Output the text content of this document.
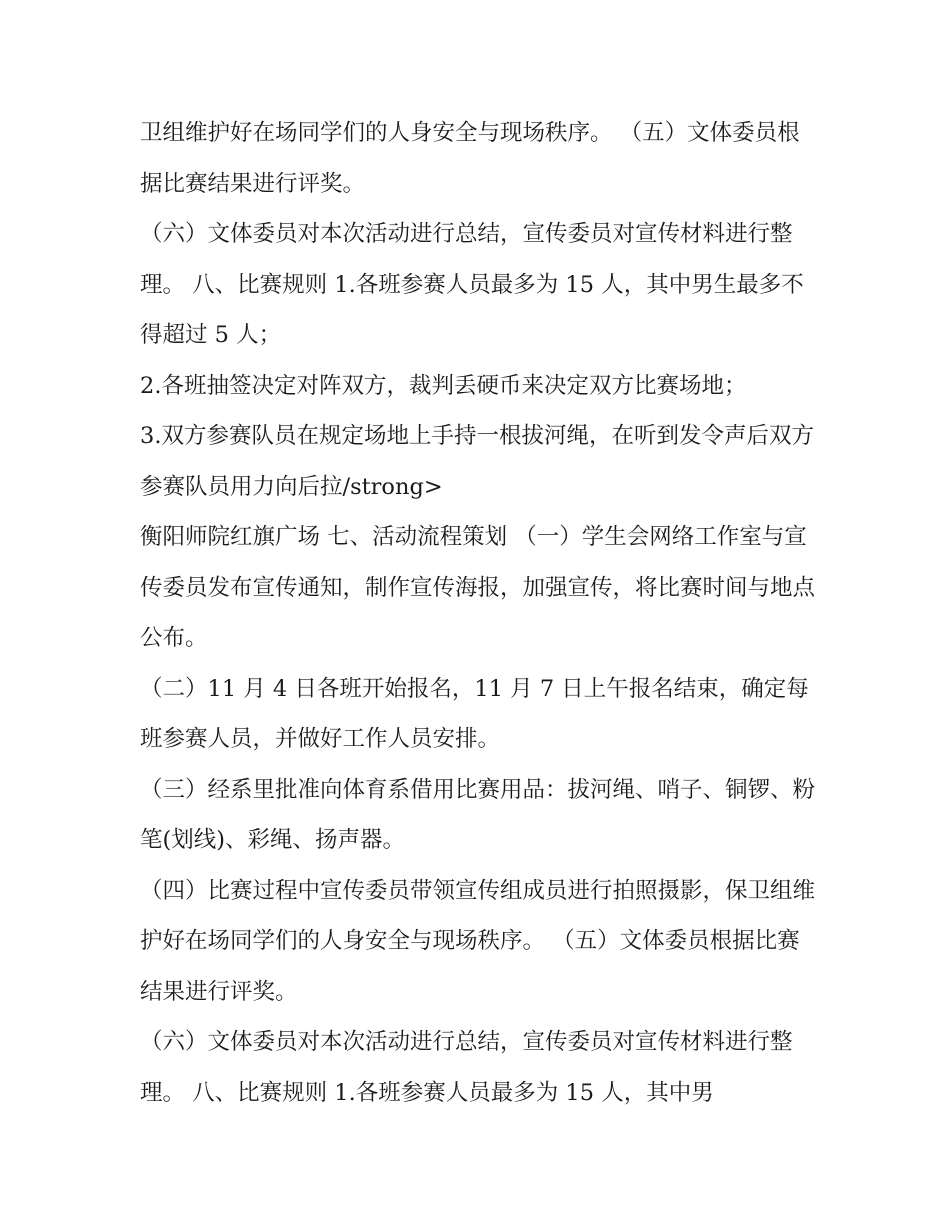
卫组维护好在场同学们的人身安全与现场秩序。 （五）文体委员根据比赛结果进行评奖。

（六）文体委员对本次活动进行总结，宣传委员对宣传材料进行整理。 八、比赛规则 1.各班参赛人员最多为 15 人，其中男生最多不得超过 5 人；

2.各班抽签决定对阵双方，裁判丢硬币来决定双方比赛场地；

3.双方参赛队员在规定场地上手持一根拔河绳，在听到发令声后双方参赛队员用力向后拉/strong>

衡阳师院红旗广场 七、活动流程策划 （一）学生会网络工作室与宣传委员发布宣传通知，制作宣传海报，加强宣传，将比赛时间与地点公布。

（二）11 月 4 日各班开始报名，11 月 7 日上午报名结束，确定每班参赛人员，并做好工作人员安排。

（三）经系里批准向体育系借用比赛用品：拔河绳、哨子、铜锣、粉笔(划线)、彩绳、扬声器。

（四）比赛过程中宣传委员带领宣传组成员进行拍照摄影，保卫组维护好在场同学们的人身安全与现场秩序。 （五）文体委员根据比赛结果进行评奖。

（六）文体委员对本次活动进行总结，宣传委员对宣传材料进行整理。 八、比赛规则 1.各班参赛人员最多为 15 人，其中男
